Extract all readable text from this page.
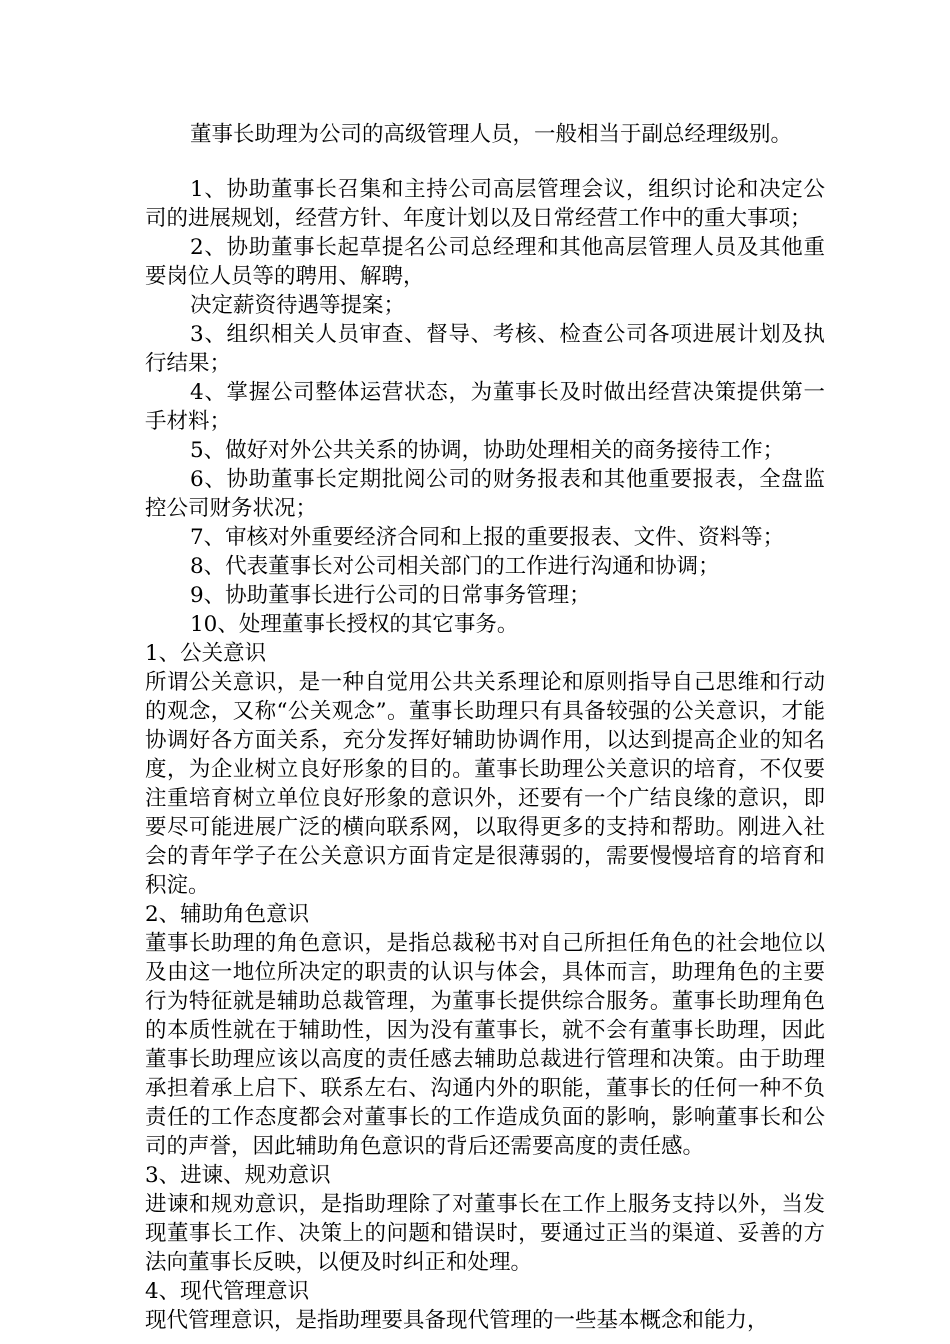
董事长助理为公司的高级管理人员，一般相当于副总经理级别。

1、协助董事长召集和主持公司高层管理会议，组织讨论和决定公司的进展规划，经营方针、年度计划以及日常经营工作中的重大事项；

2、协助董事长起草提名公司总经理和其他高层管理人员及其他重要岗位人员等的聘用、解聘，

决定薪资待遇等提案；

3、组织相关人员审查、督导、考核、检查公司各项进展计划及执行结果；

4、掌握公司整体运营状态，为董事长及时做出经营决策提供第一手材料；

5、做好对外公共关系的协调，协助处理相关的商务接待工作；

6、协助董事长定期批阅公司的财务报表和其他重要报表，全盘监控公司财务状况；

7、审核对外重要经济合同和上报的重要报表、文件、资料等；

8、代表董事长对公司相关部门的工作进行沟通和协调；

9、协助董事长进行公司的日常事务管理；

10、处理董事长授权的其它事务。

1、公关意识

所谓公关意识，是一种自觉用公共关系理论和原则指导自己思维和行动的观念，又称“公关观念”。董事长助理只有具备较强的公关意识，才能协调好各方面关系，充分发挥好辅助协调作用，以达到提高企业的知名度，为企业树立良好形象的目的。董事长助理公关意识的培育，不仅要注重培育树立单位良好形象的意识外，还要有一个广结良缘的意识，即要尽可能进展广泛的横向联系网，以取得更多的支持和帮助。刚进入社会的青年学子在公关意识方面肯定是很薄弱的，需要慢慢培育的培育和积淀。

2、辅助角色意识

董事长助理的角色意识，是指总裁秘书对自己所担任角色的社会地位以及由这一地位所决定的职责的认识与体会，具体而言，助理角色的主要行为特征就是辅助总裁管理，为董事长提供综合服务。董事长助理角色的本质性就在于辅助性，因为没有董事长，就不会有董事长助理，因此董事长助理应该以高度的责任感去辅助总裁进行管理和决策。由于助理承担着承上启下、联系左右、沟通内外的职能，董事长的任何一种不负责任的工作态度都会对董事长的工作造成负面的影响，影响董事长和公司的声誉，因此辅助角色意识的背后还需要高度的责任感。

3、进谏、规劝意识

进谏和规劝意识，是指助理除了对董事长在工作上服务支持以外，当发现董事长工作、决策上的问题和错误时，要通过正当的渠道、妥善的方法向董事长反映，以便及时纠正和处理。

4、现代管理意识

现代管理意识，是指助理要具备现代管理的一些基本概念和能力，
